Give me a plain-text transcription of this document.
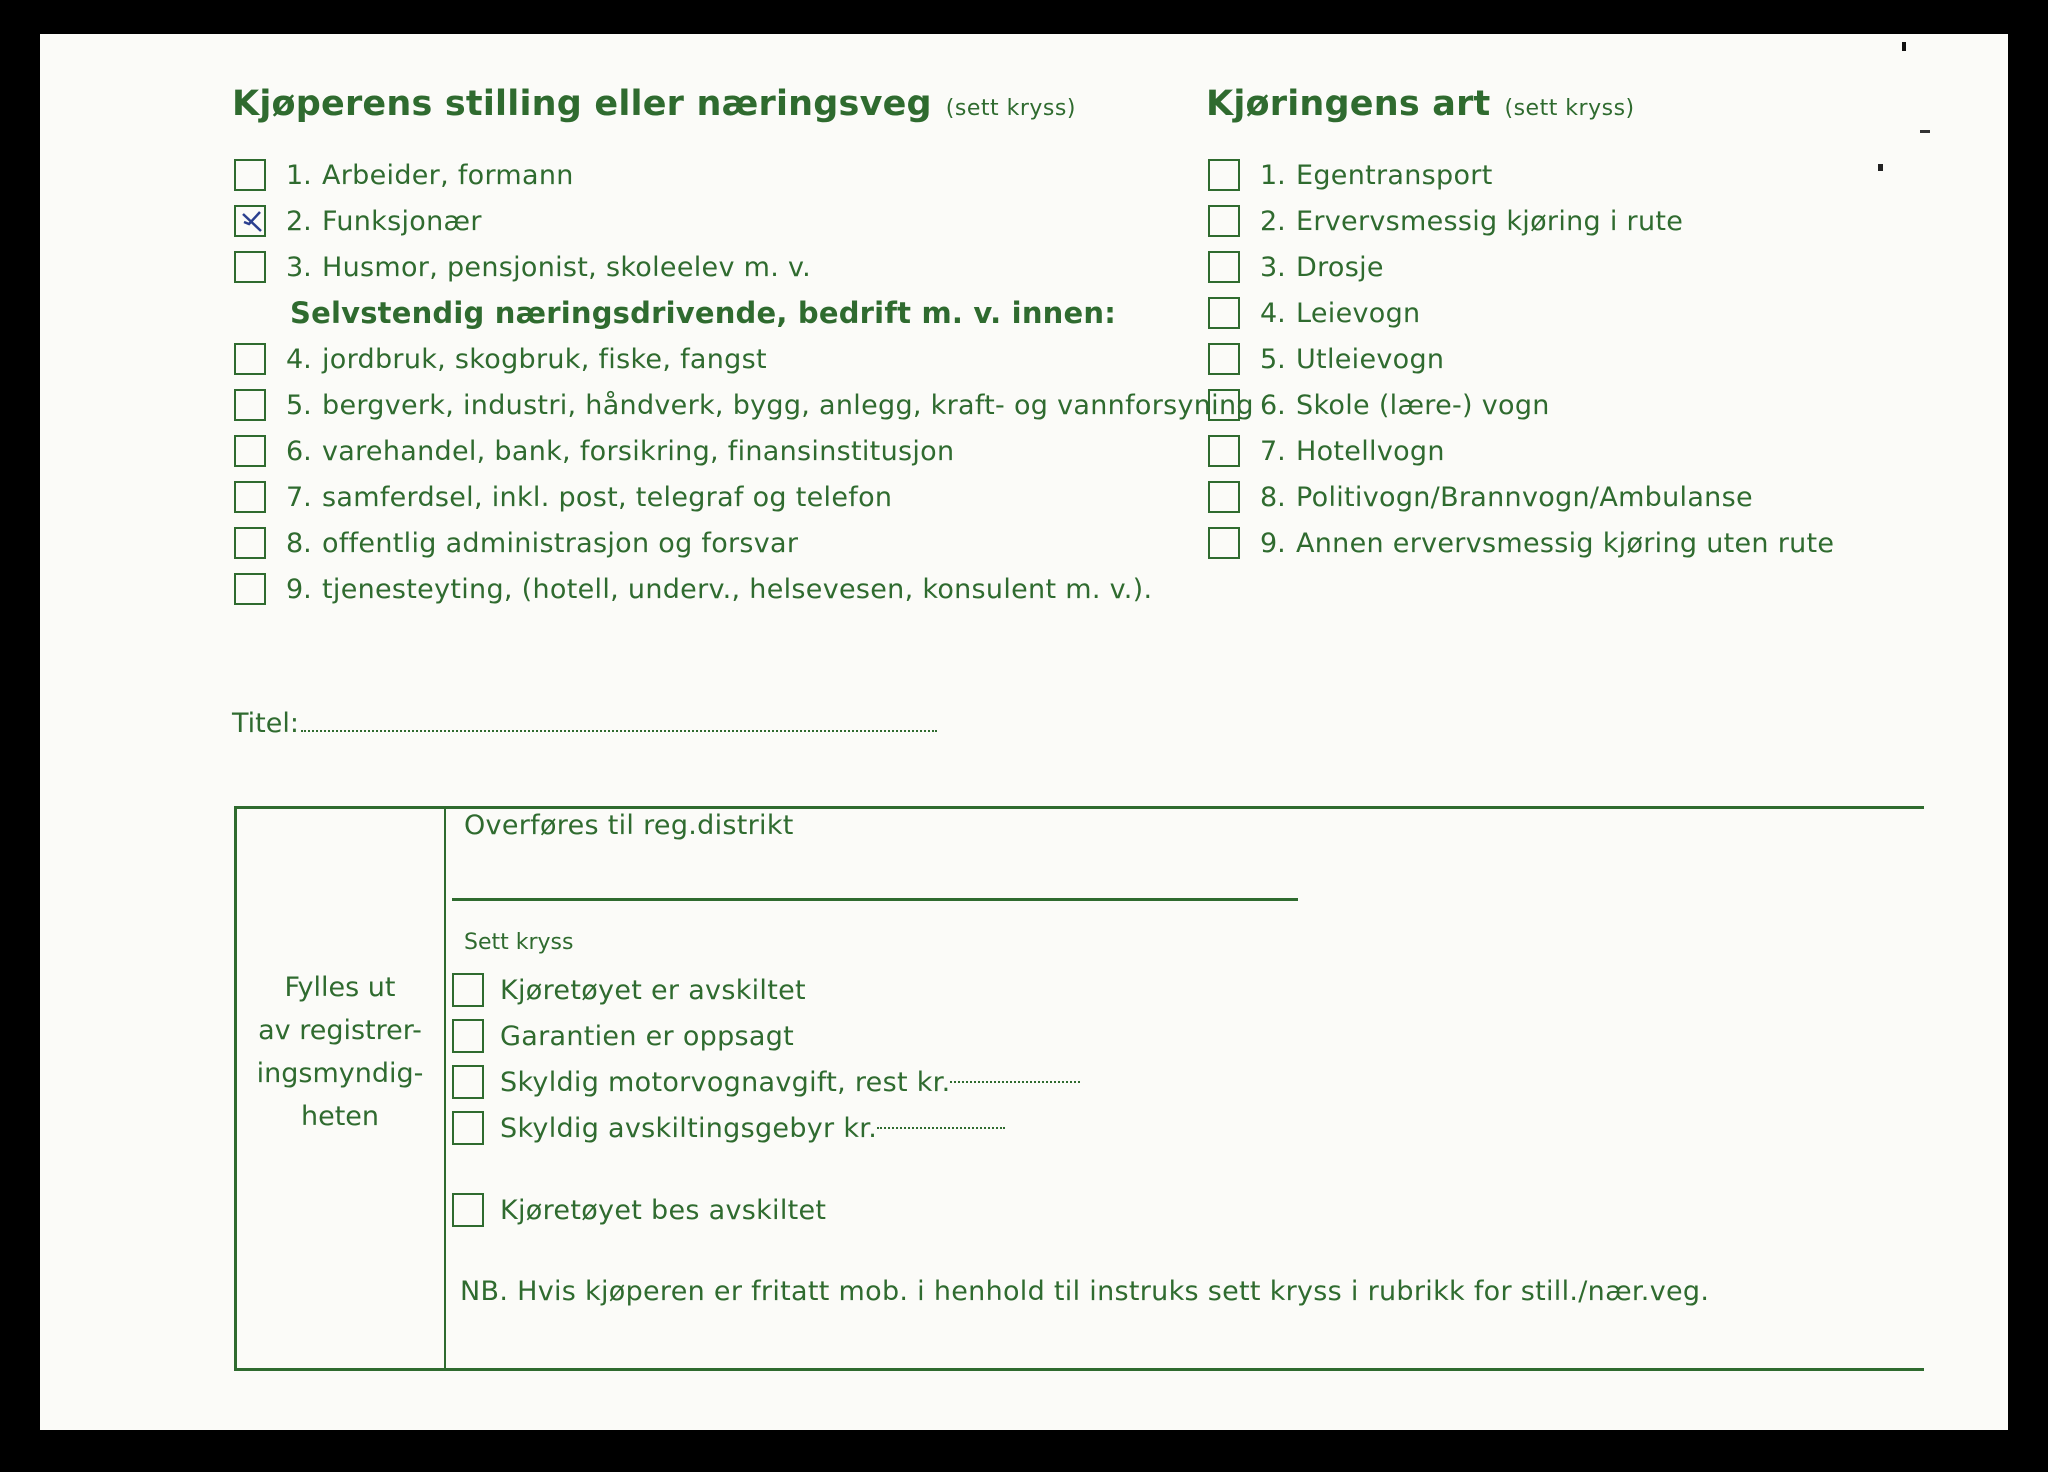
Kjøperens stilling eller næringsveg (sett kryss)
1. Arbeider, formann
2. Funksjonær
3. Husmor, pensjonist, skoleelev m. v.
Selvstendig næringsdrivende, bedrift m. v. innen:
4. jordbruk, skogbruk, fiske, fangst
5. bergverk, industri, håndverk, bygg, anlegg, kraft- og vannforsyning
6. varehandel, bank, forsikring, finansinstitusjon
7. samferdsel, inkl. post, telegraf og telefon
8. offentlig administrasjon og forsvar
9. tjenesteyting, (hotell, underv., helsevesen, konsulent m. v.).
Kjøringens art (sett kryss)
1. Egentransport
2. Ervervsmessig kjøring i rute
3. Drosje
4. Leievogn
5. Utleievogn
6. Skole (lære-) vogn
7. Hotellvogn
8. Politivogn/Brannvogn/Ambulanse
9. Annen ervervsmessig kjøring uten rute
Titel:
Fylles ut
av registrer-
ingsmyndig-
heten
Overføres til reg.distrikt
Sett kryss
Kjøretøyet er avskiltet
Garantien er oppsagt
Skyldig motorvognavgift, rest kr.
Skyldig avskiltingsgebyr kr.
Kjøretøyet bes avskiltet
NB. Hvis kjøperen er fritatt mob. i henhold til instruks sett kryss i rubrikk for still./nær.veg.
